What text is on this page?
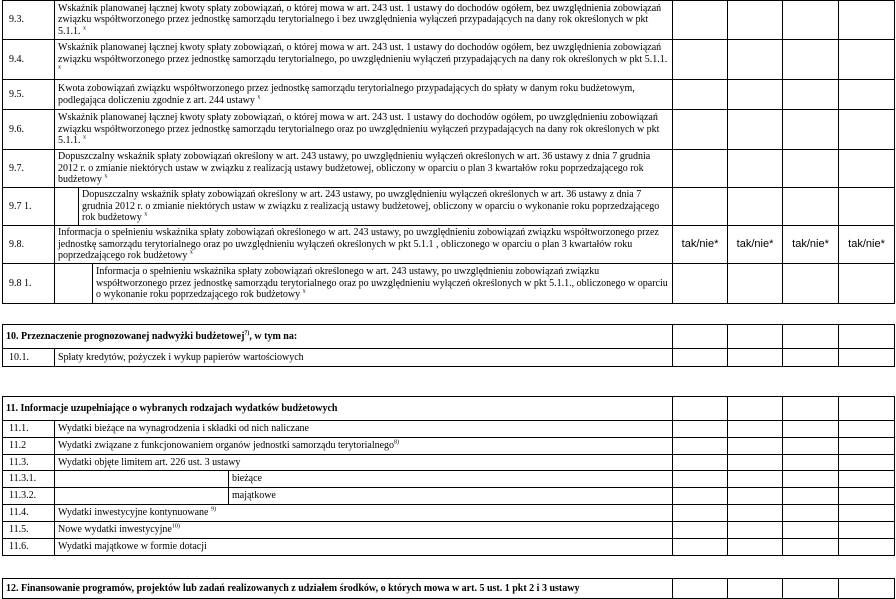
9.3.	Wskaźnik planowanej łącznej kwoty spłaty zobowiązań, o której mowa w art. 243 ust. 1 ustawy do dochodów ogółem, bez uwzględnienia zobowiązań związku współtworzonego przez jednostkę samorządu terytorialnego i bez uwzględnienia wyłączeń przypadających na dany rok określonych w pkt 5.1.1. $^x$				
9.4.	Wskaźnik planowanej łącznej kwoty spłaty zobowiązań, o której mowa w art. 243 ust. 1 ustawy do dochodów ogółem, bez uwzględnienia zobowiązań związku współtworzonego przez jednostkę samorządu terytorialnego, po uwzględnieniu wyłączeń przypadających na dany rok określonych w pkt 5.1.1. $^x$				
9.5.	Kwota zobowiązań związku współtworzonego przez jednostkę samorządu terytorialnego przypadających do spłaty w danym roku budżetowym, podlegająca doliczeniu zgodnie z art. 244 ustawy $^x$				
9.6.	Wskaźnik planowanej łącznej kwoty spłaty zobowiązań, o której mowa w art. 243 ust. 1 ustawy do dochodów ogółem, po uwzględnieniu zobowiązań związku współtworzonego przez jednostkę samorządu terytorialnego oraz po uwzględnieniu wyłączeń przypadających na dany rok określonych w pkt 5.1.1. $^x$				
9.7.	Dopuszczalny wskaźnik spłaty zobowiązań określony w art. 243 ustawy, po uwzględnieniu wyłączeń określonych w art. 36 ustawy z dnia 7 grudnia 2012 r. o zmianie niektórych ustaw w związku z realizacją ustawy budżetowej, obliczony w oparciu o plan 3 kwartałów roku poprzedzającego rok budżetowy $^x$				
9.7 1.		Dopuszczalny wskaźnik spłaty zobowiązań określony w art. 243 ustawy, po uwzględnieniu wyłączeń określonych w art. 36 ustawy z dnia 7 grudnia 2012 r. o zmianie niektórych ustaw w związku z realizacją ustawy budżetowej, obliczony w oparciu o wykonanie roku poprzedzającego rok budżetowy $^x$				
9.8.	Informacja o spełnieniu wskaźnika spłaty zobowiązań określonego w art. 243 ustawy, po uwzględnieniu zobowiązań związku współtworzonego przez jednostkę samorządu terytorialnego oraz po uwzględnieniu wyłączeń określonych w pkt 5.1.1 , obliczonego w oparciu o plan 3 kwartałów roku poprzedzającego rok budżetowy $^x$			tak/nie*	tak/nie*	tak/nie*	tak/nie*
9.8 1.			Informacja o spełnieniu wskaźnika spłaty zobowiązań określonego w art. 243 ustawy, po uwzględnieniu zobowiązań związku współtworzonego przez jednostkę samorządu terytorialnego oraz po uwzględnieniu wyłączeń określonych w pkt 5.1.1., obliczonego w oparciu o wykonanie roku poprzedzającego rok budżetowy $^x$				
10. Przeznaczenie prognozowanej nadwyżki budżetowej$^{7)}$, w tym na:					
10.1.	Spłaty kredytów, pożyczek i wykup papierów wartościowych				
11. Informacje uzupełniające o wybranych rodzajach wydatków budżetowych						
11.1.	Wydatki bieżące na wynagrodzenia i składki od nich naliczane					
11.2	Wydatki związane z funkcjonowaniem organów jednostki samorządu terytorialnego$^{8)}$				
11.3.	Wydatki objęte limitem art. 226 ust. 3 ustawy					
11.3.1.		bieżące				
11.3.2.		majątkowe				
11.4.	Wydatki inwestycyjne kontynuowane $^{9)}$				
11.5.	Nowe wydatki inwestycyjne$^{10)}$				
11.6.	Wydatki majątkowe w formie dotacji					
12. Finansowanie programów, projektów lub zadań realizowanych z udziałem środków, o których mowa w art. 5 ust. 1 pkt 2 i 3 ustawy				
